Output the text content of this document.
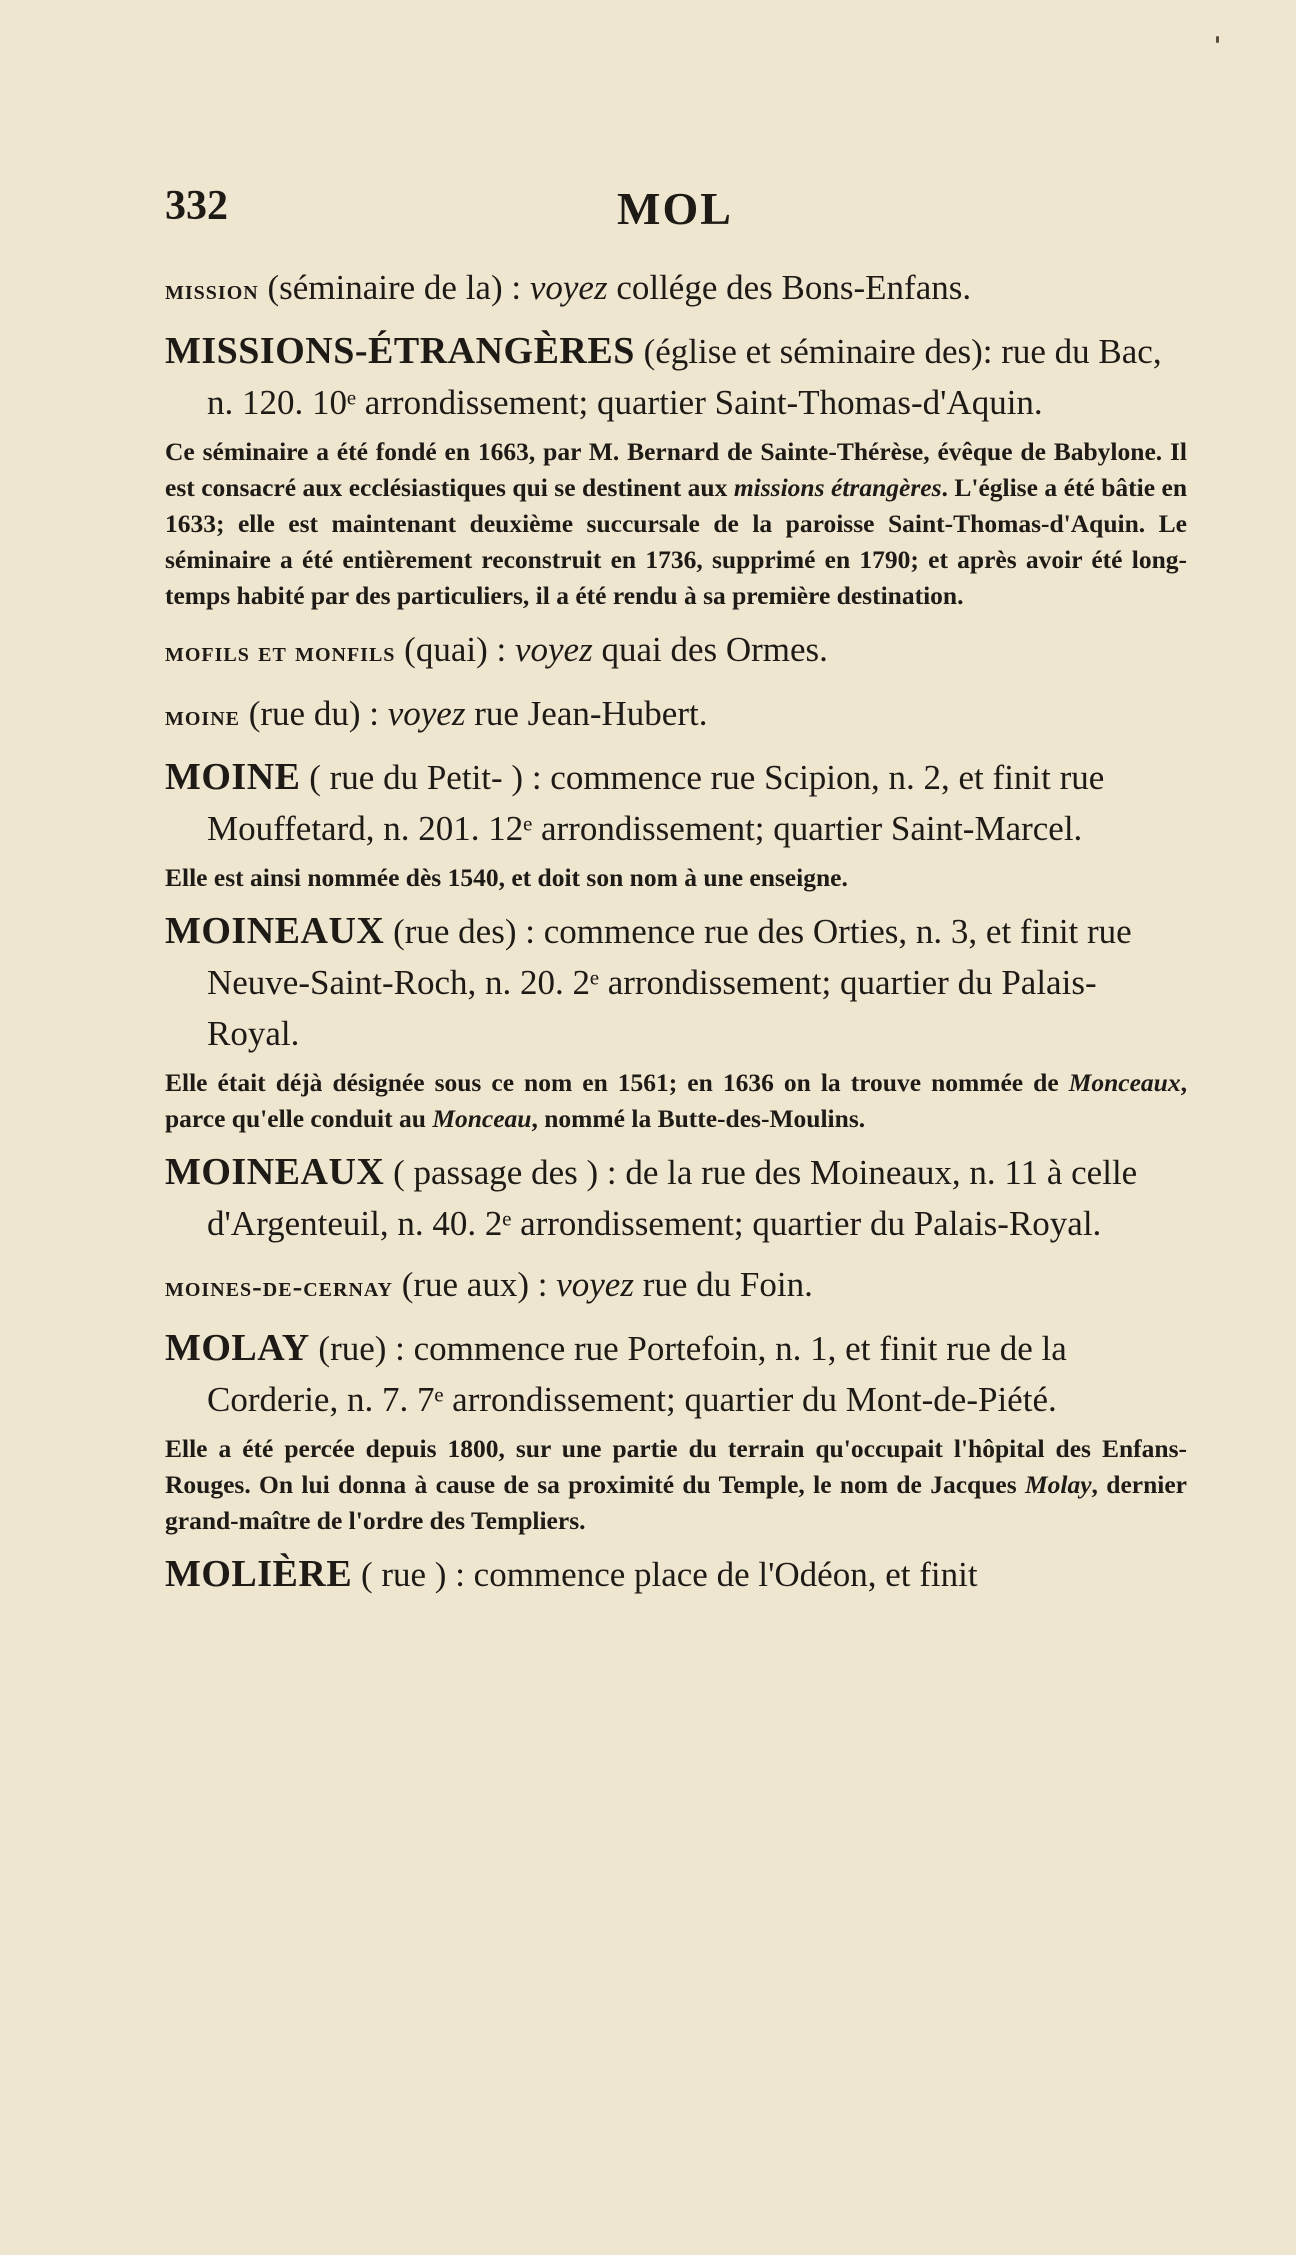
332	MOL
mission (séminaire de la) : voyez collége des Bons-Enfans.
MISSIONS-ÉTRANGÈRES (église et séminaire des): rue du Bac, n. 120. 10ᵉ arrondissement; quartier Saint-Thomas-d'Aquin.
Ce séminaire a été fondé en 1663, par M. Bernard de Sainte-Thérèse, évêque de Babylone. Il est consacré aux ecclésiastiques qui se destinent aux missions étrangères. L'église a été bâtie en 1633; elle est maintenant deuxième succursale de la paroisse Saint-Thomas-d'Aquin. Le séminaire a été entièrement reconstruit en 1736, supprimé en 1790; et après avoir été long-temps habité par des particuliers, il a été rendu à sa première destination.
mofils et monfils (quai) : voyez quai des Ormes.
moine (rue du) : voyez rue Jean-Hubert.
MOINE ( rue du Petit- ) : commence rue Scipion, n. 2, et finit rue Mouffetard, n. 201. 12ᵉ arrondissement; quartier Saint-Marcel.
Elle est ainsi nommée dès 1540, et doit son nom à une enseigne.
MOINEAUX (rue des) : commence rue des Orties, n. 3, et finit rue Neuve-Saint-Roch, n. 20. 2ᵉ arrondissement; quartier du Palais-Royal.
Elle était déjà désignée sous ce nom en 1561; en 1636 on la trouve nommée de Monceaux, parce qu'elle conduit au Monceau, nommé la Butte-des-Moulins.
MOINEAUX ( passage des ) : de la rue des Moineaux, n. 11 à celle d'Argenteuil, n. 40. 2ᵉ arrondissement; quartier du Palais-Royal.
moines-de-cernay (rue aux) : voyez rue du Foin.
MOLAY (rue) : commence rue Portefoin, n. 1, et finit rue de la Corderie, n. 7. 7ᵉ arrondissement; quartier du Mont-de-Piété.
Elle a été percée depuis 1800, sur une partie du terrain qu'occupait l'hôpital des Enfans-Rouges. On lui donna à cause de sa proximité du Temple, le nom de Jacques Molay, dernier grand-maître de l'ordre des Templiers.
MOLIÈRE ( rue ) : commence place de l'Odéon, et finit
